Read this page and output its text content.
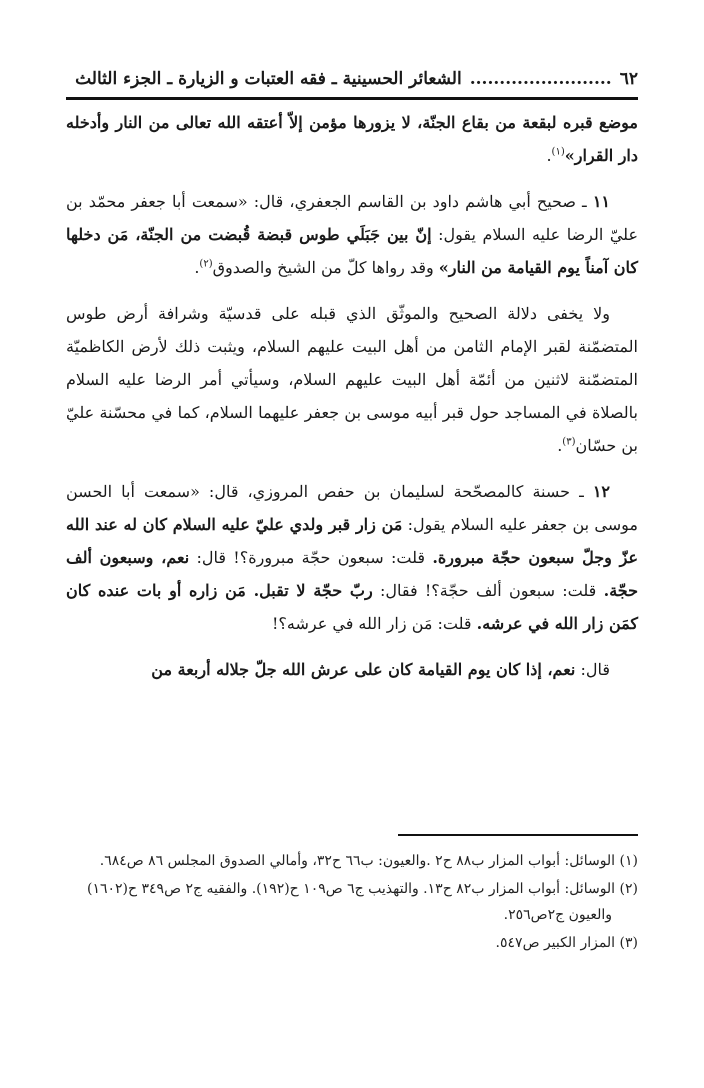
٦٢
........................
الشعائر الحسينية ـ فقه العتبات و الزيارة ـ الجزء الثالث

موضع قبره لبقعة من بقاع الجنّة، لا يزورها مؤمن إلاّ أعتقه الله تعالى من النار وأدخله دار القرار»$^{(١)}$.

١١ ـ صحيح أبي هاشم داود بن القاسم الجعفري، قال: «سمعت أبا جعفر محمّد بن عليّ الرضا عليه السلام يقول: إنّ بين جَبَلَي طوس قبضة قُبضت من الجنّة، مَن دخلها كان آمناً يوم القيامة من النار» وقد رواها كلّ من الشيخ والصدوق$^{(٢)}$.

ولا يخفى دلالة الصحيح والموثّق الذي قبله على قدسيّة وشرافة أرض طوس المتضمّنة لقبر الإمام الثامن من أهل البيت عليهم السلام، ويثبت ذلك لأرض الكاظميّة المتضمّنة لاثنين من أئمّة أهل البيت عليهم السلام، وسيأتي أمر الرضا عليه السلام بالصلاة في المساجد حول قبر أبيه موسى بن جعفر عليهما السلام، كما في محسّنة عليّ بن حسّان$^{(٣)}$.

١٢ ـ حسنة كالمصحّحة لسليمان بن حفص المروزي، قال: «سمعت أبا الحسن موسى بن جعفر عليه السلام يقول: مَن زار قبر ولدي عليّ عليه السلام كان له عند الله عزّ وجلّ سبعون حجّة مبرورة. قلت: سبعون حجّة مبرورة؟! قال: نعم، وسبعون ألف حجّة. قلت: سبعون ألف حجّة؟! فقال: ربّ حجّة لا تقبل. مَن زاره أو بات عنده كان كمَن زار الله في عرشه. قلت: مَن زار الله في عرشه؟!

قال: نعم، إذا كان يوم القيامة كان على عرش الله جلّ جلاله أربعة من

(١) الوسائل: أبواب المزار ب٨٨ ح٢ .والعيون: ب٦٦ ح٣٢، وأمالي الصدوق المجلس ٨٦ ص٦٨٤.

(٢) الوسائل: أبواب المزار ب٨٢ ح١٣. والتهذيب ج٦ ص١٠٩ ح(١٩٢). والفقيه ج٢ ص٣٤٩ ح(١٦٠٢) والعيون ج٢ص٢٥٦.

(٣) المزار الكبير ص٥٤٧.
